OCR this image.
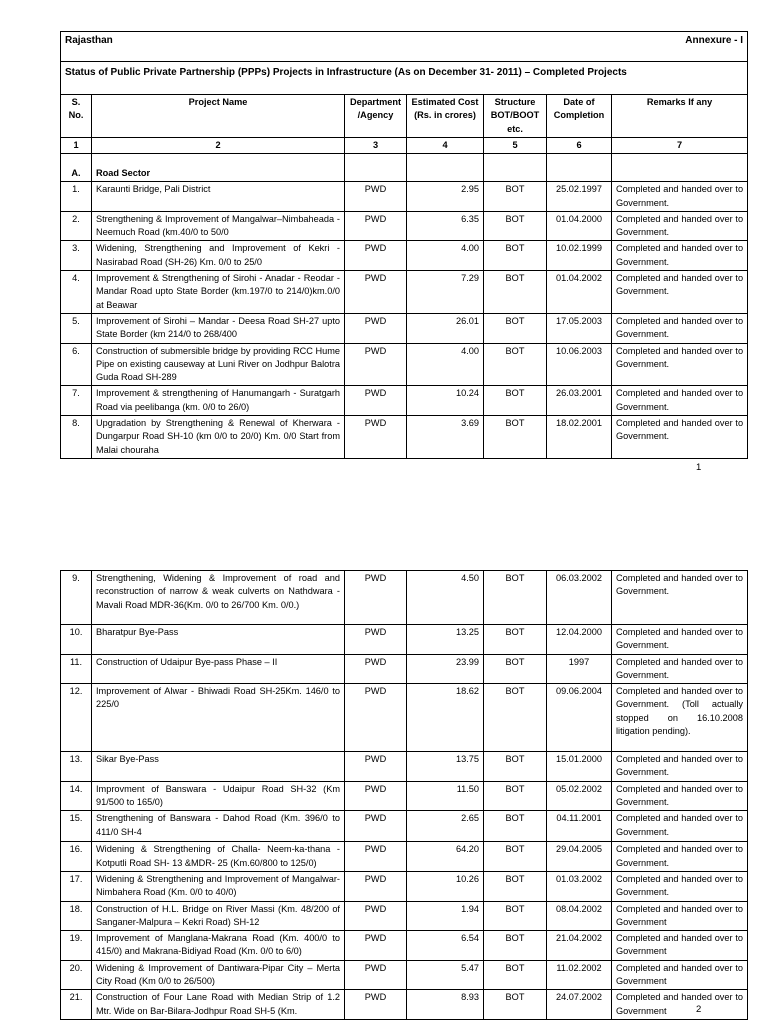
Rajasthan Annexure - I						

Status of Public Private Partnership (PPPs) Projects in Infrastructure (As on December 31- 2011) – Completed Projects						
S. No.	Project Name	Department /Agency	Estimated Cost (Rs. in crores)	Structure BOT/BOOT etc.	Date of Completion	Remarks If any
1	2	3	4	5	6	7
A.	Road Sector					
1.	Karaunti Bridge, Pali District	PWD	2.95	BOT	25.02.1997	Completed and handed over to Government.
2.	Strengthening & Improvement of Mangalwar–Nimbaheada - Neemuch Road (km.40/0 to 50/0	PWD	6.35	BOT	01.04.2000	Completed and handed over to Government.
3.	Widening, Strengthening and Improvement of Kekri - Nasirabad Road (SH-26) Km. 0/0 to 25/0	PWD	4.00	BOT	10.02.1999	Completed and handed over to Government.
4.	Improvement & Strengthening of Sirohi - Anadar - Reodar - Mandar Road upto State Border (km.197/0 to 214/0)km.0/0 at Beawar	PWD	7.29	BOT	01.04.2002	Completed and handed over to Government.
5.	Improvement of Sirohi – Mandar - Deesa Road SH-27 upto State Border (km 214/0 to 268/400	PWD	26.01	BOT	17.05.2003	Completed and handed over to Government.
6.	Construction of submersible bridge by providing RCC Hume Pipe on existing causeway at Luni River on Jodhpur Balotra Guda Road SH-289	PWD	4.00	BOT	10.06.2003	Completed and handed over to Government.
7.	Improvement & strengthening of Hanumangarh - Suratgarh Road via peelibanga (km. 0/0 to 26/0)	PWD	10.24	BOT	26.03.2001	Completed and handed over to Government.
8.	Upgradation by Strengthening & Renewal of Kherwara - Dungarpur Road SH-10 (km 0/0 to 20/0) Km. 0/0 Start from Malai chouraha	PWD	3.69	BOT	18.02.2001	Completed and handed over to Government.
1
9.	Strengthening, Widening & Improvement of road and reconstruction of narrow & weak culverts on Nathdwara - Mavali Road MDR-36(Km. 0/0 to 26/700 Km. 0/0.)	PWD	4.50	BOT	06.03.2002	Completed and handed over to Government.
10.	Bharatpur Bye-Pass	PWD	13.25	BOT	12.04.2000	Completed and handed over to Government.
11.	Construction of Udaipur Bye-pass Phase – II	PWD	23.99	BOT	1997	Completed and handed over to Government.
12.	Improvement of Alwar - Bhiwadi Road SH-25Km. 146/0 to 225/0	PWD	18.62	BOT	09.06.2004	Completed and handed over to Government. (Toll actually stopped on 16.10.2008 litigation pending).
13.	Sikar Bye-Pass	PWD	13.75	BOT	15.01.2000	Completed and handed over to Government.
14.	Improvment of Banswara - Udaipur Road SH-32 (Km 91/500 to 165/0)	PWD	11.50	BOT	05.02.2002	Completed and handed over to Government.
15.	Strengthening of Banswara - Dahod Road (Km. 396/0 to 411/0 SH-4	PWD	2.65	BOT	04.11.2001	Completed and handed over to Government.
16.	Widening & Strengthening of Challa- Neem-ka-thana - Kotputli Road SH- 13 &MDR- 25 (Km.60/800 to 125/0)	PWD	64.20	BOT	29.04.2005	Completed and handed over to Government.
17.	Widening & Strengthening and Improvement of Mangalwar- Nimbahera Road (Km. 0/0 to 40/0)	PWD	10.26	BOT	01.03.2002	Completed and handed over to Government.
18.	Construction of H.L. Bridge on River Massi (Km. 48/200 of Sanganer-Malpura – Kekri Road) SH-12	PWD	1.94	BOT	08.04.2002	Completed and handed over to Government
19.	Improvement of Manglana-Makrana Road (Km. 400/0 to 415/0) and Makrana-Bidiyad Road (Km. 0/0 to 6/0)	PWD	6.54	BOT	21.04.2002	Completed and handed over to Government
20.	Widening & Improvement of Dantiwara-Pipar City – Merta City Road (Km 0/0 to 26/500)	PWD	5.47	BOT	11.02.2002	Completed and handed over to Government
21.	Construction of Four Lane Road with Median Strip of 1.2 Mtr. Wide on Bar-Bilara-Jodhpur Road SH-5 (Km.	PWD	8.93	BOT	24.07.2002	Completed and handed over to Government	2
